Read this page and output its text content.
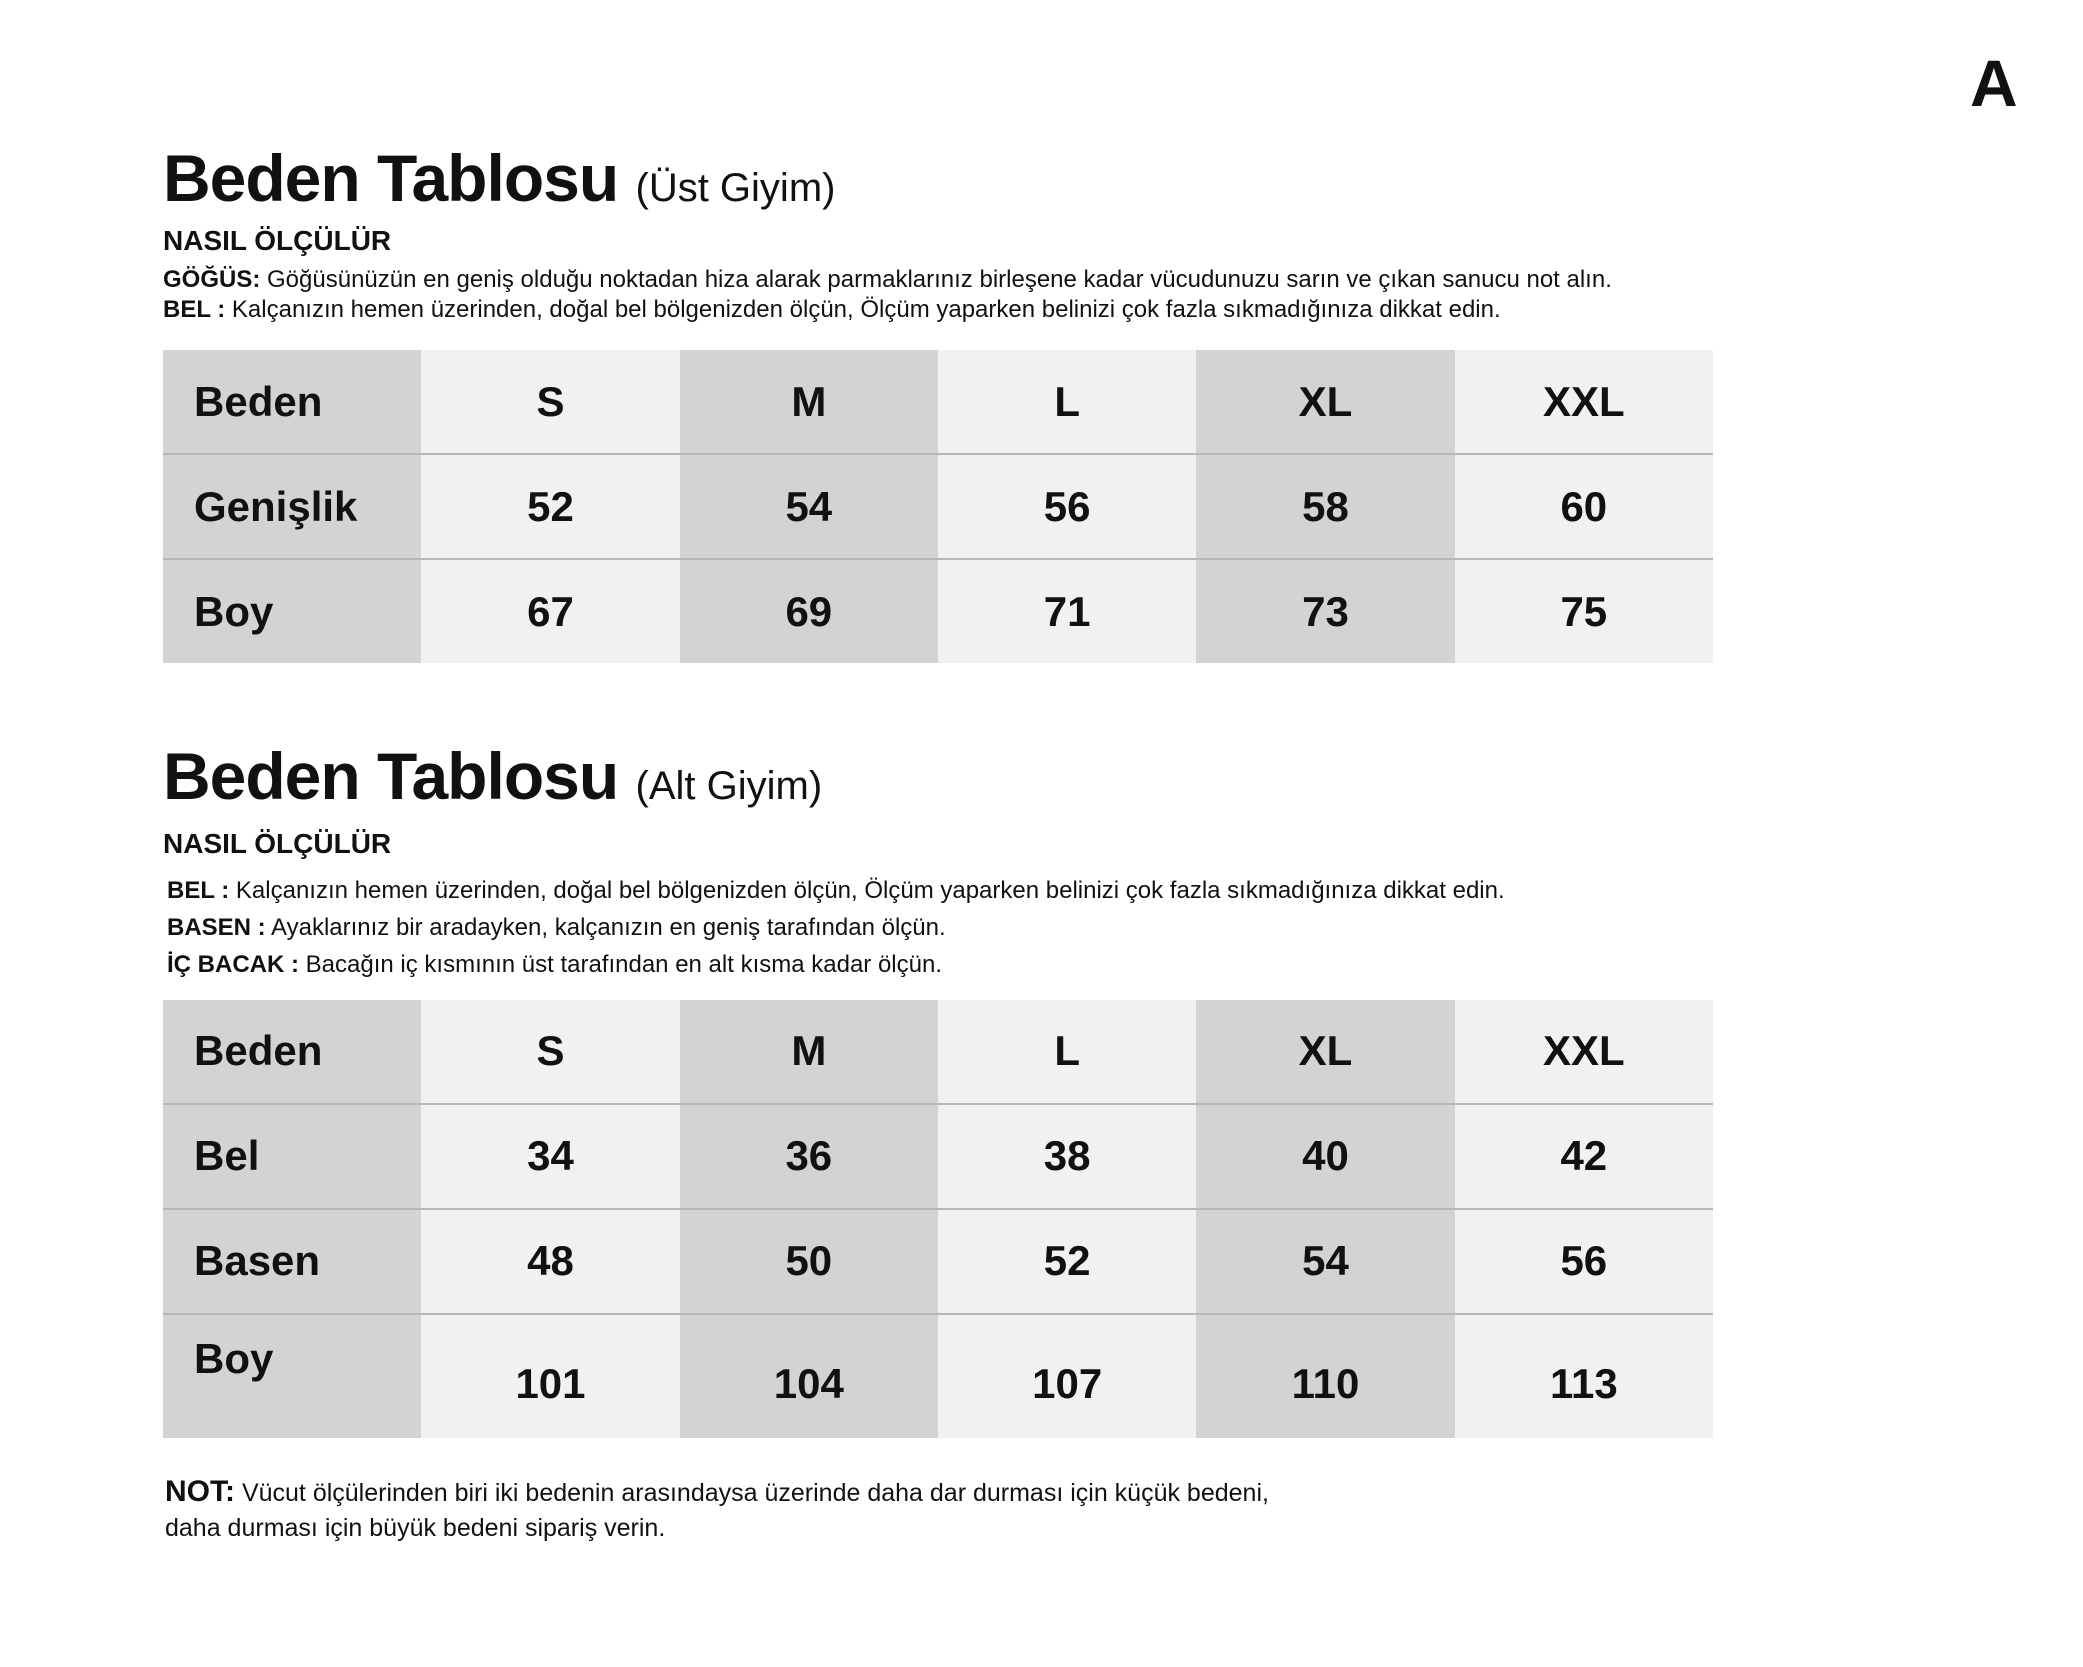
A
Beden Tablosu (Üst Giyim)
NASIL ÖLÇÜLÜR
GÖĞÜS: Göğüsünüzün en geniş olduğu noktadan hiza alarak parmaklarınız birleşene kadar vücudunuzu sarın ve çıkan sanucu not alın.
BEL : Kalçanızın hemen üzerinden, doğal bel bölgenizden ölçün, Ölçüm yaparken belinizi çok fazla sıkmadığınıza dikkat edin.
Beden	S	M	L	XL	XXL
Genişlik	52	54	56	58	60
Boy	67	69	71	73	75
Beden Tablosu (Alt Giyim)
NASIL ÖLÇÜLÜR
BEL : Kalçanızın hemen üzerinden, doğal bel bölgenizden ölçün, Ölçüm yaparken belinizi çok fazla sıkmadığınıza dikkat edin.
BASEN : Ayaklarınız bir aradayken, kalçanızın en geniş tarafından ölçün.
İÇ BACAK : Bacağın iç kısmının üst tarafından en alt kısma kadar ölçün.
Beden	S	M	L	XL	XXL
Bel	34	36	38	40	42
Basen	48	50	52	54	56
Boy	101	104	107	110	113
NOT: Vücut ölçülerinden biri iki bedenin arasındaysa üzerinde daha dar durması için küçük bedeni,
daha durması için büyük bedeni sipariş verin.
